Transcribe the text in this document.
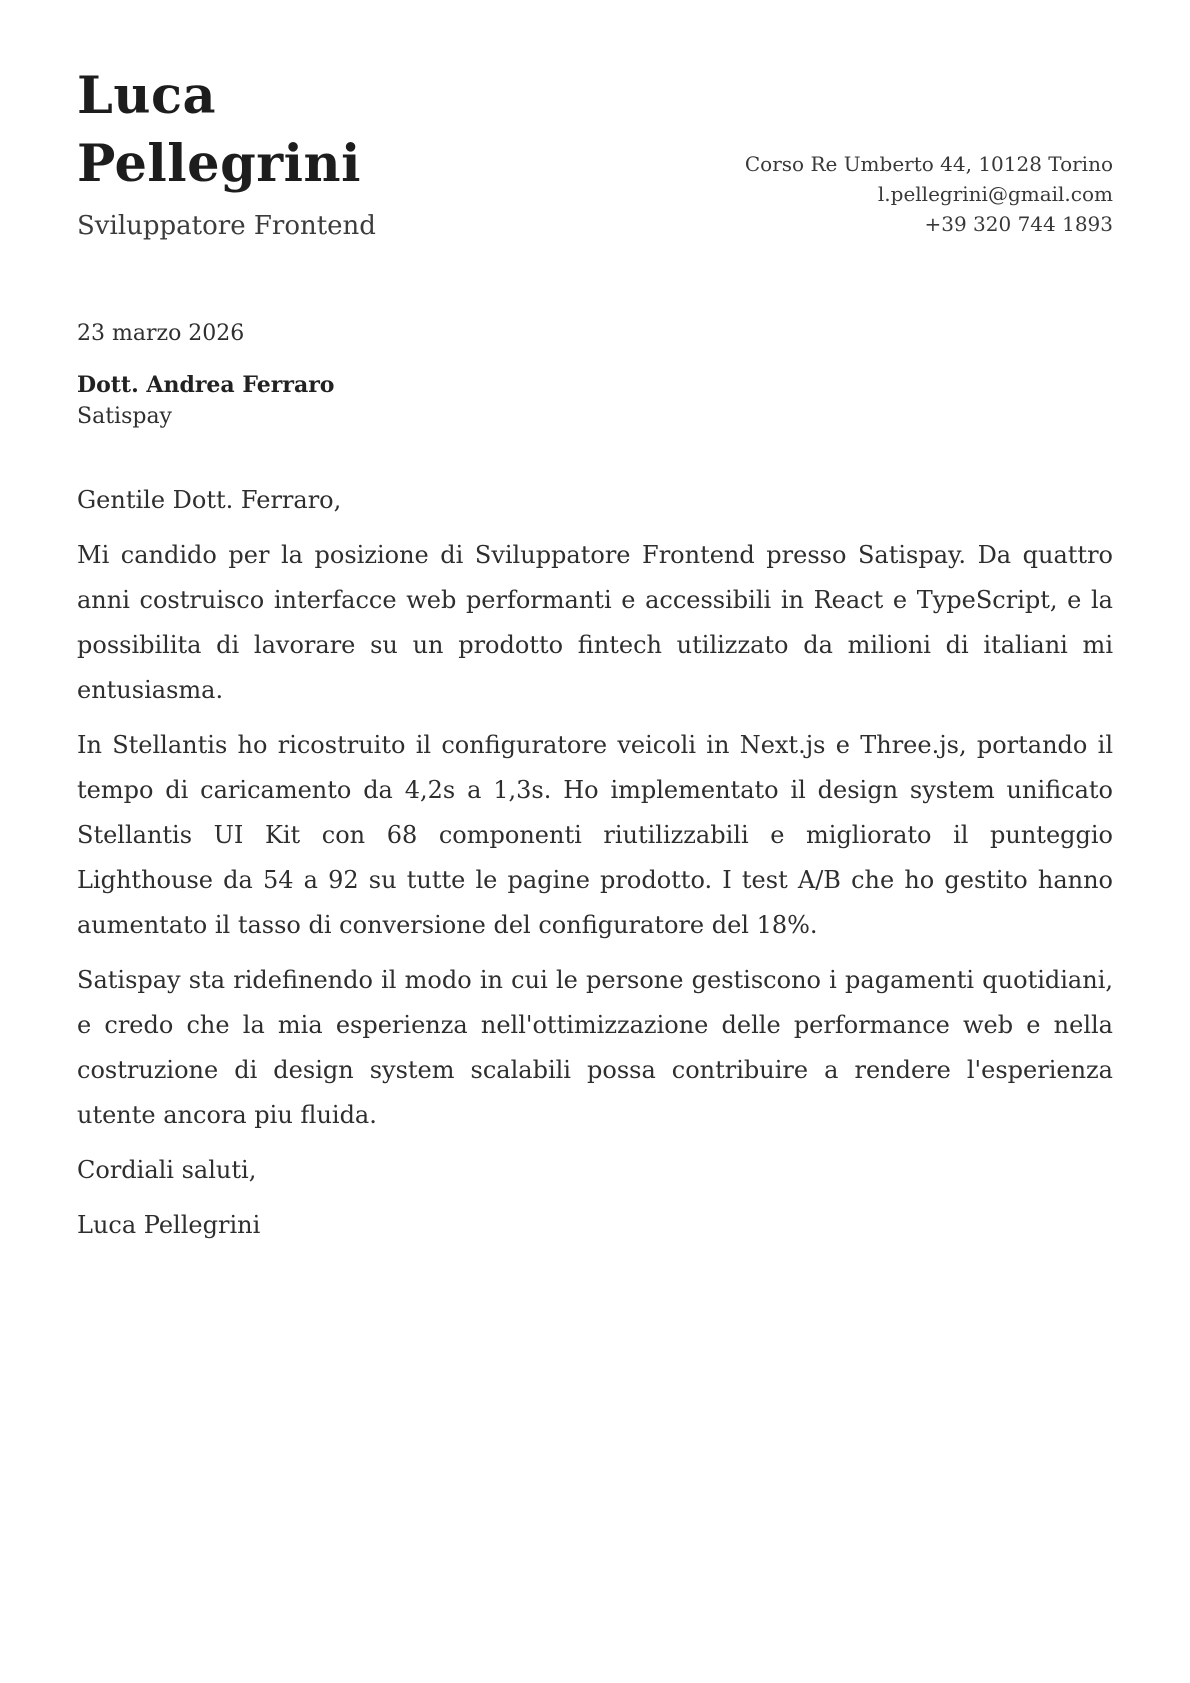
Luca
Pellegrini
Sviluppatore Frontend
Corso Re Umberto 44, 10128 Torino
l.pellegrini@gmail.com
+39 320 744 1893
23 marzo 2026
Dott. Andrea Ferraro
Satispay

Gentile Dott. Ferraro,

Mi candido per la posizione di Sviluppatore Frontend presso Satispay. Da quattro anni costruisco interfacce web performanti e accessibili in React e TypeScript, e la possibilita di lavorare su un prodotto fintech utilizzato da milioni di italiani mi entusiasma.

In Stellantis ho ricostruito il configuratore veicoli in Next.js e Three.js, portando il tempo di caricamento da 4,2s a 1,3s. Ho implementato il design system unificato Stellantis UI Kit con 68 componenti riutilizzabili e migliorato il punteggio Lighthouse da 54 a 92 su tutte le pagine prodotto. I test A/B che ho gestito hanno aumentato il tasso di conversione del configuratore del 18%.

Satispay sta ridefinendo il modo in cui le persone gestiscono i pagamenti quotidiani, e credo che la mia esperienza nell'ottimizzazione delle performance web e nella costruzione di design system scalabili possa contribuire a rendere l'esperienza utente ancora piu fluida.

Cordiali saluti,

Luca Pellegrini
